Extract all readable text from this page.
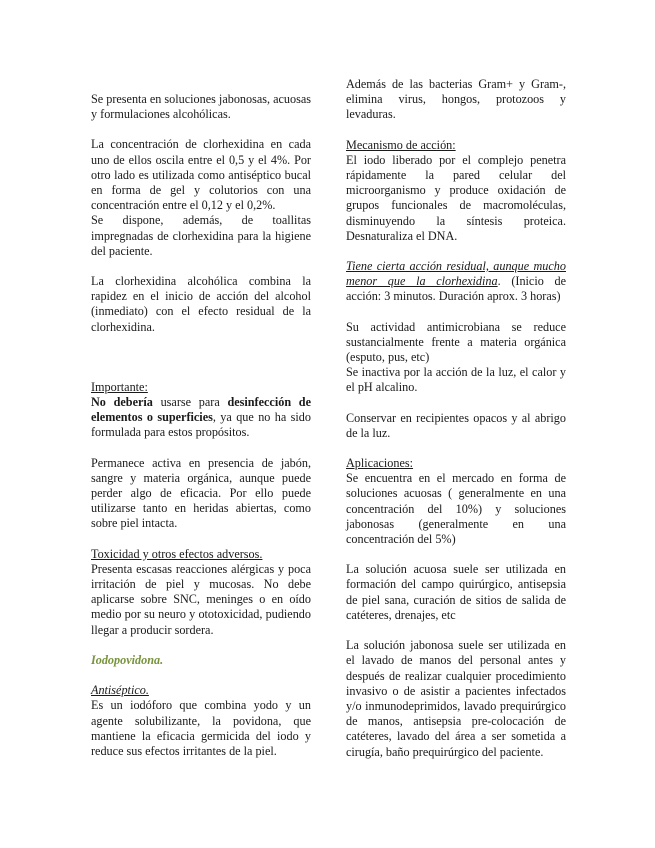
Se presenta en soluciones jabonosas, acuosas y formulaciones alcohólicas.

La concentración de clorhexidina en cada uno de ellos oscila entre el 0,5 y el 4%. Por otro lado es utilizada como antiséptico bucal en forma de gel y colutorios con una concentración entre el 0,12 y el 0,2%.

Se dispone, además, de toallitas impregnadas de clorhexidina para la higiene del paciente.

La clorhexidina alcohólica combina la rapidez en el inicio de acción del alcohol (inmediato) con el efecto residual de la clorhexidina.

Importante:

No debería usarse para desinfección de elementos o superficies, ya que no ha sido formulada para estos propósitos.

Permanece activa en presencia de jabón, sangre y materia orgánica, aunque puede perder algo de eficacia. Por ello puede utilizarse tanto en heridas abiertas, como sobre piel intacta.

Toxicidad y otros efectos adversos.

Presenta escasas reacciones alérgicas y poca irritación de piel y mucosas. No debe aplicarse sobre SNC, meninges o en oído medio por su neuro y ototoxicidad, pudiendo llegar a producir sordera.

Iodopovidona.

Antiséptico.

Es un iodóforo que combina yodo y un agente solubilizante, la povidona, que mantiene la eficacia germicida del iodo y reduce sus efectos irritantes de la piel.

Además de las bacterias Gram+ y Gram-, elimina virus, hongos, protozoos y levaduras.

Mecanismo de acción:

El iodo liberado por el complejo penetra rápidamente la pared celular del microorganismo y produce oxidación de grupos funcionales de macromoléculas, disminuyendo la síntesis proteica. Desnaturaliza el DNA.

Tiene cierta acción residual, aunque mucho menor que la clorhexidina. (Inicio de acción: 3 minutos. Duración aprox. 3 horas)

Su actividad antimicrobiana se reduce sustancialmente frente a materia orgánica (esputo, pus, etc)

Se inactiva por la acción de la luz, el calor y el pH alcalino.

Conservar en recipientes opacos y al abrigo de la luz.

Aplicaciones:

Se encuentra en el mercado en forma de soluciones acuosas ( generalmente en una concentración del 10%) y soluciones jabonosas (generalmente en una concentración del 5%)

La solución acuosa suele ser utilizada en formación del campo quirúrgico, antisepsia de piel sana, curación de sitios de salida de catéteres, drenajes, etc

La solución jabonosa suele ser utilizada en el lavado de manos del personal antes y después de realizar cualquier procedimiento invasivo o de asistir a pacientes infectados y/o inmunodeprimidos, lavado prequirúrgico de manos, antisepsia pre-colocación de catéteres, lavado del área a ser sometida a cirugía, baño prequirúrgico del paciente.
